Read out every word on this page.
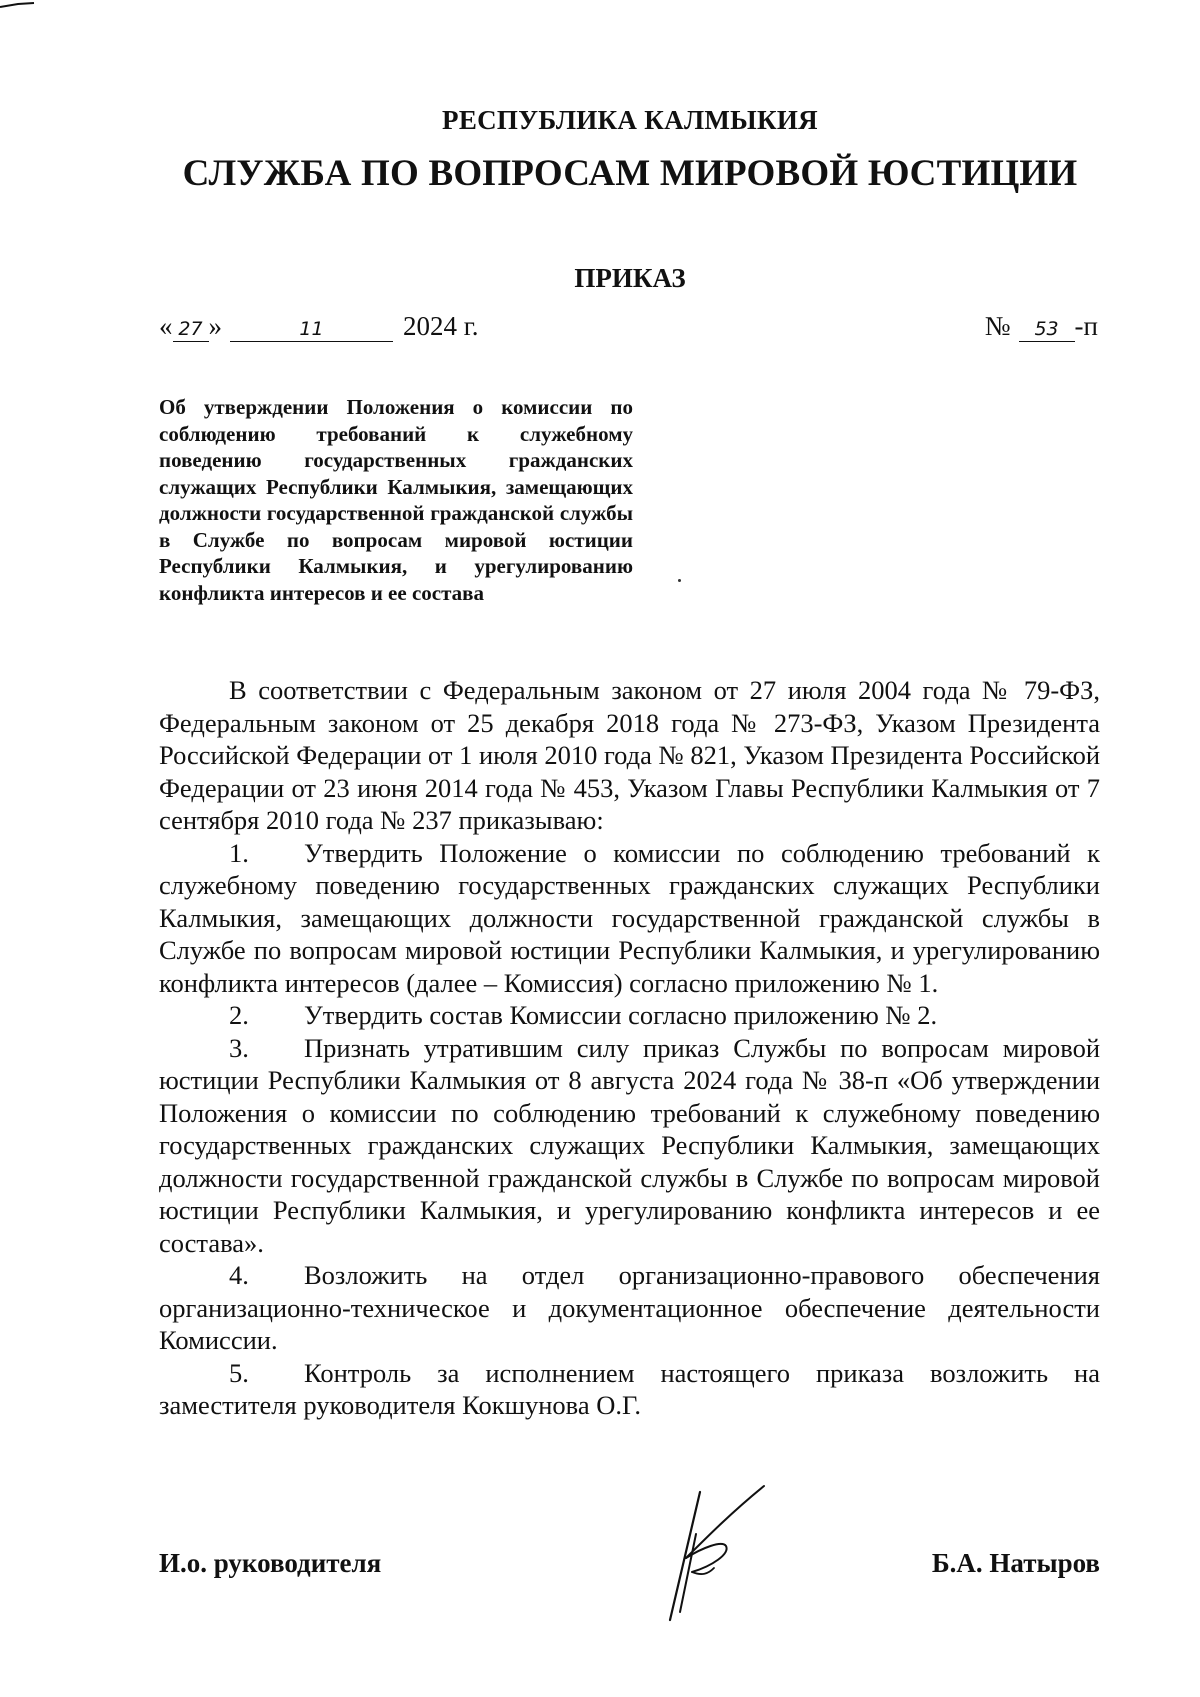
РЕСПУБЛИКА КАЛМЫКИЯ
СЛУЖБА ПО ВОПРОСАМ МИРОВОЙ ЮСТИЦИИ
ПРИКАЗ
« 27 »	11	2024 г.	№ 53 -п
Об утверждении Положения о комиссии по соблюдению требований к служебному поведению государственных гражданских служащих Республики Калмыкия, замещающих должности государственной гражданской службы в Службе по вопросам мировой юстиции Республики Калмыкия, и урегулированию конфликта интересов и ее состава

В соответствии с Федеральным законом от 27 июля 2004 года № 79-ФЗ, Федеральным законом от 25 декабря 2018 года № 273-ФЗ, Указом Президента Российской Федерации от 1 июля 2010 года № 821, Указом Президента Российской Федерации от 23 июня 2014 года № 453, Указом Главы Республики Калмыкия от 7 сентября 2010 года № 237 приказываю:

1. Утвердить Положение о комиссии по соблюдению требований к служебному поведению государственных гражданских служащих Республики Калмыкия, замещающих должности государственной гражданской службы в Службе по вопросам мировой юстиции Республики Калмыкия, и урегулированию конфликта интересов (далее – Комиссия) согласно приложению № 1.

2. Утвердить состав Комиссии согласно приложению № 2.

3. Признать утратившим силу приказ Службы по вопросам мировой юстиции Республики Калмыкия от 8 августа 2024 года № 38-п «Об утверждении Положения о комиссии по соблюдению требований к служебному поведению государственных гражданских служащих Республики Калмыкия, замещающих должности государственной гражданской службы в Службе по вопросам мировой юстиции Республики Калмыкия, и урегулированию конфликта интересов и ее состава».

4. Возложить на отдел организационно-правового обеспечения организационно-техническое и документационное обеспечение деятельности Комиссии.

5. Контроль за исполнением настоящего приказа возложить на заместителя руководителя Кокшунова О.Г.

И.о. руководителя	Б.А. Натыров
